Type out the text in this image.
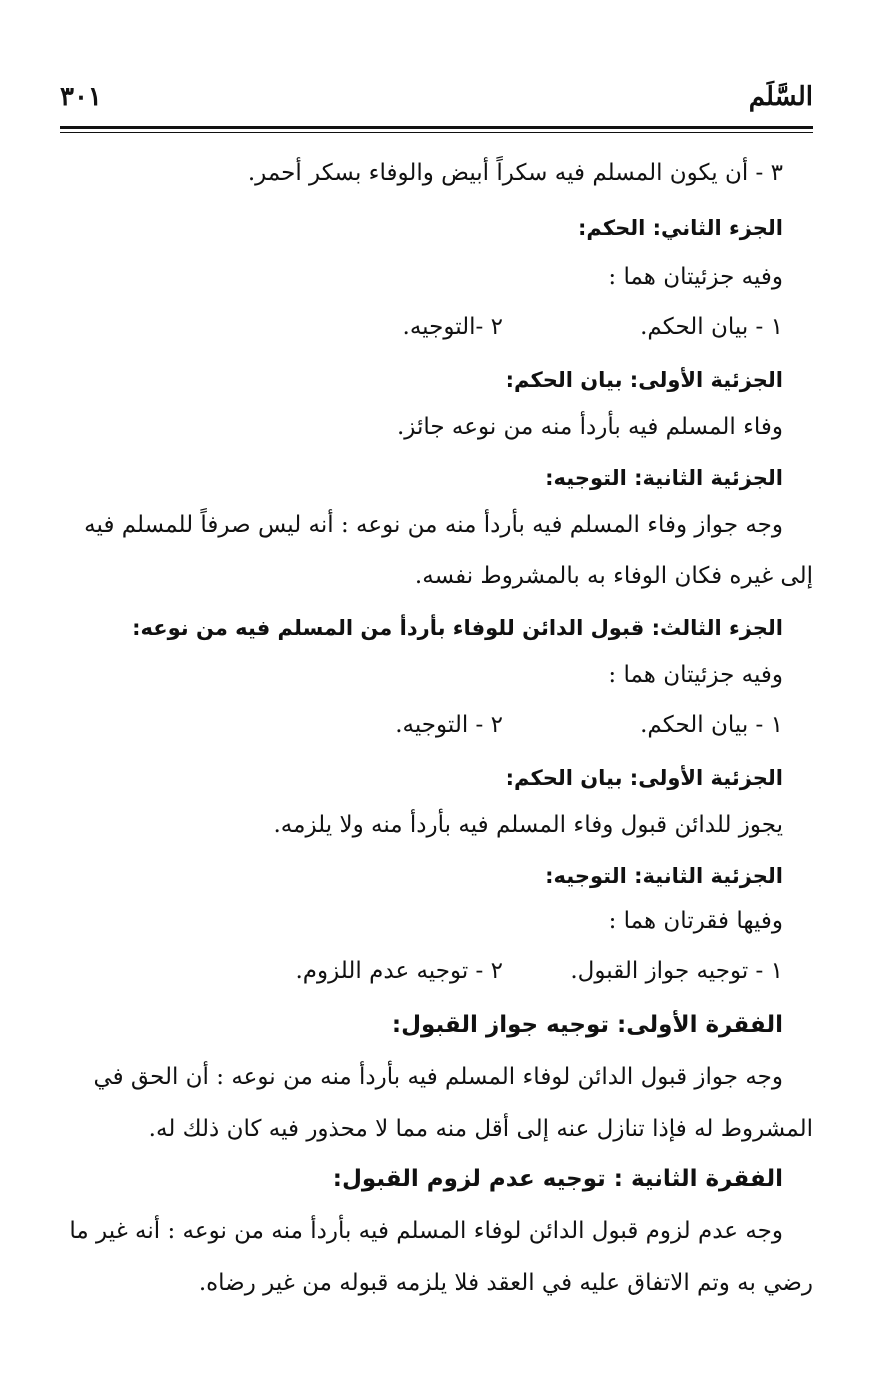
السَّلَم
٣٠١
٣ - أن يكون المسلم فيه سكراً أبيض والوفاء بسكر أحمر.
الجزء الثاني: الحكم:
وفيه جزئيتان هما :
١ - بيان الحكم.٢ -التوجيه.
الجزئية الأولى: بيان الحكم:
وفاء المسلم فيه بأردأ منه من نوعه جائز.
الجزئية الثانية: التوجيه:
وجه جواز وفاء المسلم فيه بأردأ منه من نوعه : أنه ليس صرفاً للمسلم فيه
إلى غيره فكان الوفاء به بالمشروط نفسه.
الجزء الثالث: قبول الدائن للوفاء بأردأ من المسلم فيه من نوعه:
وفيه جزئيتان هما :
١ - بيان الحكم.٢ - التوجيه.
الجزئية الأولى: بيان الحكم:
يجوز للدائن قبول وفاء المسلم فيه بأردأ منه ولا يلزمه.
الجزئية الثانية: التوجيه:
وفيها فقرتان هما :
١ - توجيه جواز القبول.٢ - توجيه عدم اللزوم.
الفقرة الأولى: توجيه جواز القبول:
وجه جواز قبول الدائن لوفاء المسلم فيه بأردأ منه من نوعه : أن الحق في
المشروط له فإذا تنازل عنه إلى أقل منه مما لا محذور فيه كان ذلك له.
الفقرة الثانية : توجيه عدم لزوم القبول:
وجه عدم لزوم قبول الدائن لوفاء المسلم فيه بأردأ منه من نوعه : أنه غير ما
رضي به وتم الاتفاق عليه في العقد فلا يلزمه قبوله من غير رضاه.
